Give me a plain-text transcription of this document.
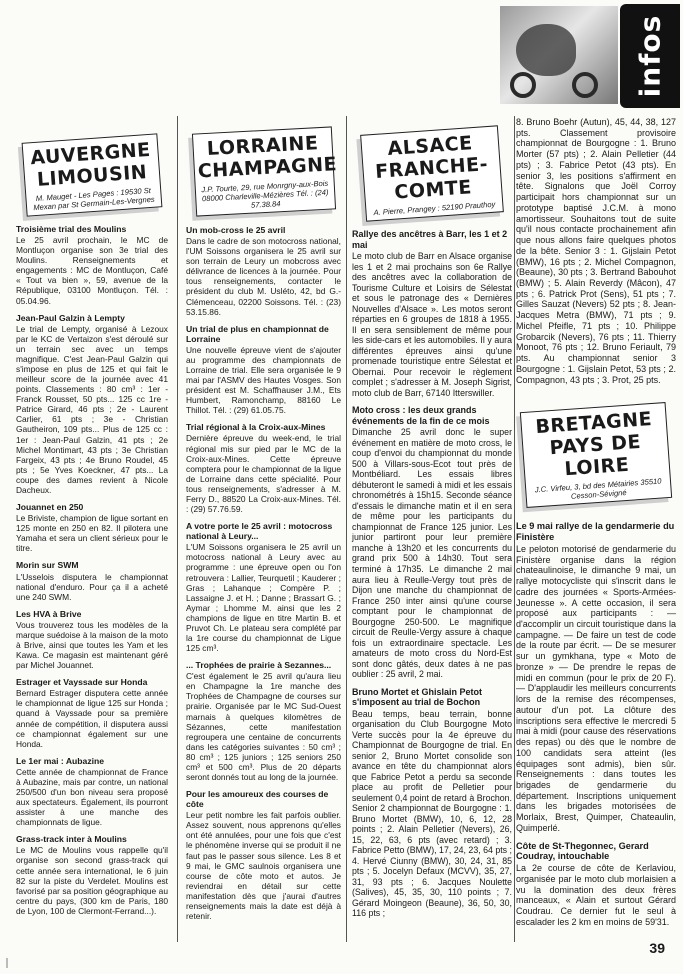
infos
AUVERGNE LIMOUSIN
M. Mauget - Les Pages : 19530 St Mexan par St Germain-Les-Vergnes
Troisième trial des Moulins
Le 25 avril prochain, le MC de Montluçon organise son 3e trial des Moulins. Renseignements et engagements : MC de Montluçon, Café « Tout va bien », 59, avenue de la République, 03100 Montluçon. Tél. : 05.04.96.
Jean-Paul Galzin à Lempty
Le trial de Lempty, organisé à Lezoux par le KC de Vertaizon s'est déroulé sur un terrain sec avec un temps magnifique. C'est Jean-Paul Galzin qui s'impose en plus de 125 et qui fait le meilleur score de la journée avec 41 points. Classements : 80 cm³ : 1er - Franck Rousset, 50 pts... 125 cc 1re - Patrice Girard, 46 pts ; 2e - Laurent Carlier, 61 pts ; 3e - Christian Gautheiron, 109 pts... Plus de 125 cc : 1er : Jean-Paul Galzin, 41 pts ; 2e Michel Montimart, 43 pts ; 3e Christian Fargeix, 43 pts ; 4e Bruno Roudel, 45 pts ; 5e Yves Koeckner, 47 pts... La coupe des dames revient à Nicole Dacheux.
Jouannet en 250
Le Briviste, champion de ligue sortant en 125 monte en 250 en 82. Il pilotera une Yamaha et sera un client sérieux pour le titre.
Morin sur SWM
L'Usselois disputera le championnat national d'enduro. Pour ça il a acheté une 240 SWM.
Les HVA à Brive
Vous trouverez tous les modèles de la marque suédoise à la maison de la moto à Brive, ainsi que toutes les Yam et les Kawa. Ce magasin est maintenant géré par Michel Jouannet.
Estrager et Vayssade sur Honda
Bernard Estrager disputera cette année le championnat de ligue 125 sur Honda ; quand à Vayssade pour sa première année de compétition, il disputera aussi ce championnat également sur une Honda.
Le 1er mai : Aubazine
Cette année de championnat de France à Aubazine, mais par contre, un national 250/500 d'un bon niveau sera proposé aux spectateurs. Également, ils pourront assister à une manche des championnats de ligue.
Grass-track inter à Moulins
Le MC de Moulins vous rappelle qu'il organise son second grass-track qui cette année sera international, le 6 juin 82 sur la piste du Verdelet. Moulins est favorisé par sa position géographique au centre du pays, (300 km de Paris, 180 de Lyon, 100 de Clermont-Ferrand...).
LORRAINE CHAMPAGNE
J.P. Tourte, 29, rue Monrgny-aux-Bois 08000 Charleville-Mézières Tél. : (24) 57.38.84
Un mob-cross le 25 avril
Dans le cadre de son motocross national, l'UM Soissons organisera le 25 avril sur son terrain de Leury un mobcross avec délivrance de licences à la journée. Pour tous renseignements, contacter le président du club M. Usléto, 42, bd G.-Clémenceau, 02200 Soissons. Tél. : (23) 53.15.86.
Un trial de plus en championnat de Lorraine
Une nouvelle épreuve vient de s'ajouter au programme des championnats de Lorraine de trial. Elle sera organisée le 9 mai par l'ASMV des Hautes Vosges. Son président est M. Schaffhauser J.M., Ets Humbert, Ramonchamp, 88160 Le Thillot. Tél. : (29) 61.05.75.
Trial régional à la Croix-aux-Mines
Dernière épreuve du week-end, le trial régional mis sur pied par le MC de la Croix-aux-Mines. Cette épreuve comptera pour le championnat de la ligue de Lorraine dans cette spécialité. Pour tous renseignements, s'adresser à M. Ferry D., 88520 La Croix-aux-Mines. Tél. : (29) 57.76.59.
A votre porte le 25 avril : motocross national à Leury...
L'UM Soissons organisera le 25 avril un motocross national à Leury avec au programme : une épreuve open ou l'on retrouvera : Lallier, Teurquetil ; Kauderer ; Gras ; Lahanque ; Compère P. ; Lassaigne J. et H. ; Danne ; Brassart G. ; Aymar ; Lhomme M. ainsi que les 2 champions de ligue en titre Martin B. et Pruvot Ch. Le plateau sera complété par la 1re course du championnat de Ligue 125 cm³.
... Trophées de prairie à Sezannes...
C'est également le 25 avril qu'aura lieu en Champagne la 1re manche des Trophées de Champagne de courses sur prairie. Organisée par le MC Sud-Ouest marnais à quelques kilomètres de Sézannes, cette manifestation regroupera une centaine de concurrents dans les catégories suivantes : 50 cm³ ; 80 cm³ ; 125 juniors ; 125 seniors 250 cm³ et 500 cm³. Plus de 20 départs seront donnés tout au long de la journée.
Pour les amoureux des courses de côte
Leur petit nombre les fait parfois oublier. Assez souvent, nous apprenons qu'elles ont été annulées, pour une fois que c'est le phénomène inverse qui se produit il ne faut pas le passer sous silence. Les 8 et 9 mai, le GMC saulnois organisera une course de côte moto et autos. Je reviendrai en détail sur cette manifestation dès que j'aurai d'autres renseignements mais la date est déjà à retenir.
ALSACE FRANCHE-COMTE
A. Pierre, Prangey : 52190 Prauthoy
Rallye des ancêtres à Barr, les 1 et 2 mai
Le moto club de Barr en Alsace organise les 1 et 2 mai prochains son 6e Rallye des ancêtres avec la collaboration de Tourisme Culture et Loisirs de Sélestat et sous le patronage des « Dernières Nouvelles d'Alsace ». Les motos seront réparties en 6 groupes de 1818 à 1955. Il en sera sensiblement de même pour les side-cars et les automobiles. Il y aura différentes épreuves ainsi qu'une promenade touristique entre Sélestat et Obernai. Pour recevoir le règlement complet ; s'adresser à M. Joseph Sigrist, moto club de Barr, 67140 Itterswiller.
Moto cross : les deux grands événements de la fin de ce mois
Dimanche 25 avril donc le super événement en matière de moto cross, le coup d'envoi du championnat du monde 500 à Villars-sous-Ecot tout près de Montbéliard. Les essais libres débuteront le samedi à midi et les essais chronométrés à 15h15. Seconde séance d'essais le dimanche matin et il en sera de même pour les participants du championnat de France 125 junior. Les junior partiront pour leur première manche à 13h20 et les concurrents du grand prix 500 à 14h30. Tout sera terminé à 17h35. Le dimanche 2 mai aura lieu à Reulle-Vergy tout près de Dijon une manche du championnat de France 250 inter ainsi qu'une course comptant pour le championnat de Bourgogne 250-500. Le magnifique circuit de Reulle-Vergy assure à chaque fois un extraordinaire spectacle. Les amateurs de moto cross du Nord-Est sont donc gâtés, deux dates à ne pas oublier : 25 avril, 2 mai.
Bruno Mortet et Ghislain Petot s'imposent au trial de Bochon
Beau temps, beau terrain, bonne organisation du Club Bourgogne Moto Verte succès pour la 4e épreuve du Championnat de Bourgogne de trial. En senior 2, Bruno Mortet consolide son avance en tête du championnat alors que Fabrice Petot a perdu sa seconde place au profit de Pelletier pour seulement 0,4 point de retard à Brochon. Senior 2 championnat de Bourgogne : 1. Bruno Mortet (BMW), 10, 6, 12, 28 points ; 2. Alain Pelletier (Nevers), 26, 15, 22, 63, 6 pts (avec retard) ; 3. Fabrice Petto (BMW), 17, 24, 23, 64 pts ; 4. Hervé Ciunny (BMW), 30, 24, 31, 85 pts ; 5. Jocelyn Defaux (MCVV), 35, 27, 31, 93 pts ; 6. Jacques Noulette (Salives), 45, 35, 30, 110 points ; 7. Gérard Moingeon (Beaune), 36, 50, 30, 116 pts ;
8. Bruno Boehr (Autun), 45, 44, 38, 127 pts. Classement provisoire championnat de Bourgogne : 1. Bruno Morter (57 pts) ; 2. Alain Pelletier (44 pts) ; 3. Fabrice Petot (43 pts). En senior 3, les positions s'affirment en tête. Signalons que Joël Corroy participait hors championnat sur un prototype baptisé J.C.M. à mono amortisseur. Souhaitons tout de suite qu'il nous contacte prochainement afin que nous allons faire quelques photos de la bête. Senior 3 : 1. Gijslain Petot (BMW), 16 pts ; 2. Michel Compagnon, (Beaune), 30 pts ; 3. Bertrand Babouhot (BMW) ; 5. Alain Reverdy (Mâcon), 47 pts ; 6. Patrick Prot (Sens), 51 pts ; 7. Gilles Sauzat (Nevers) 52 pts ; 8. Jean-Jacques Metra (BMW), 71 pts ; 9. Michel Pfeifle, 71 pts ; 10. Philippe Grobarcik (Nevers), 76 pts ; 11. Thierry Monoot, 76 pts ; 12. Bruno Feriault, 79 pts. Au championnat senior 3 Bourgogne : 1. Gijslain Petot, 53 pts ; 2. Compagnon, 43 pts ; 3. Prot, 25 pts.
BRETAGNE PAYS DE LOIRE
J.C. Virfeu, 3, bd des Métairies 35510 Cesson-Sévigné
Le 9 mai rallye de la gendarmerie du Finistère
Le peloton motorisé de gendarmerie du Finistère organise dans la région chateaulinoise, le dimanche 9 mai, un rallye motocycliste qui s'inscrit dans le cadre des journées « Sports-Armées-Jeunesse ». A cette occasion, il sera proposé aux participants : — d'accomplir un circuit touristique dans la campagne. — De faire un test de code de la route par écrit. — De se mesurer sur un gymkhana, type « Moto de bronze » — De prendre le repas de midi en commun (pour le prix de 20 F). — D'applaudir les meilleurs concurrents lors de la remise des récompenses, autour d'un pot. La clôture des inscriptions sera effective le mercredi 5 mai à midi (pour cause des réservations des repas) ou dès que le nombre de 100 candidats sera atteint (les équipages sont admis), bien sûr. Renseignements : dans toutes les brigades de gendarmerie du département. Inscriptions uniquement dans les brigades motorisées de Morlaix, Brest, Quimper, Chateaulin, Quimperlé.
Côte de St-Thegonnec, Gerard Coudray, intouchable
La 2e course de côte de Kerlaviou, organisée par le moto club morlaisien a vu la domination des deux frères manceaux, « Alain et surtout Gérard Coudrau. Ce dernier fut le seul à escalader les 2 km en moins de 59'31.
39
